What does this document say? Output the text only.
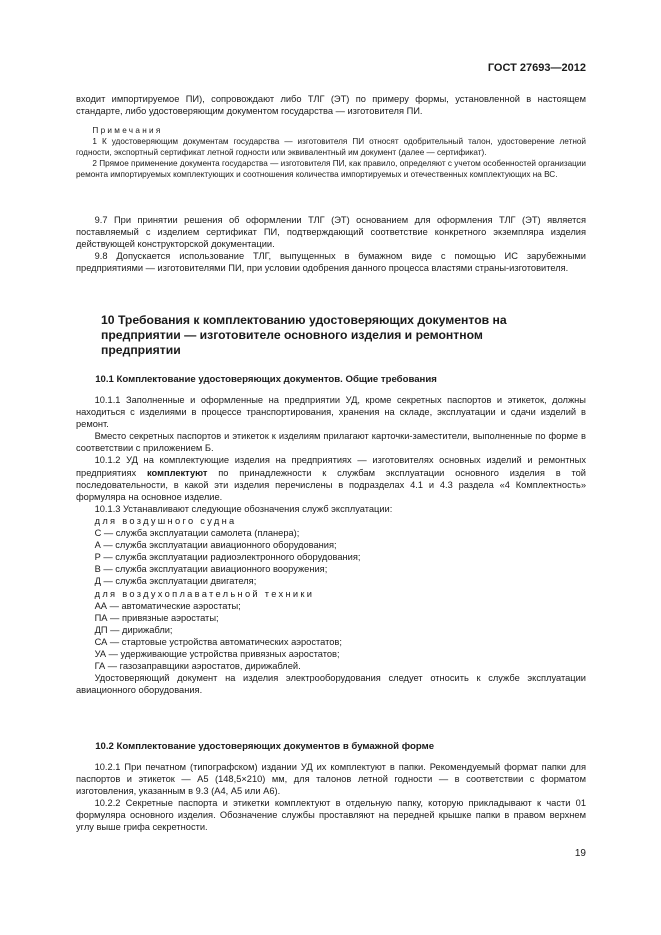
ГОСТ 27693—2012

входит импортируемое ПИ), сопровождают либо ТЛГ (ЭТ) по примеру формы, установленной в настоящем стандарте, либо удостоверяющим документом государства — изготовителя ПИ.

Примечания

1 К удостоверяющим документам государства — изготовителя ПИ относят одобрительный талон, удостоверение летной годности, экспортный сертификат летной годности или эквивалентный им документ (далее — сертификат).

2 Прямое применение документа государства — изготовителя ПИ, как правило, определяют с учетом особенностей организации ремонта импортируемых комплектующих и соотношения количества импортируемых и отечественных комплектующих на ВС.

9.7 При принятии решения об оформлении ТЛГ (ЭТ) основанием для оформления ТЛГ (ЭТ) является поставляемый с изделием сертификат ПИ, подтверждающий соответствие конкретного экземпляра изделия действующей конструкторской документации.

9.8 Допускается использование ТЛГ, выпущенных в бумажном виде с помощью ИС зарубежными предприятиями — изготовителями ПИ, при условии одобрения данного процесса властями страны-изготовителя.

10 Требования к комплектованию удостоверяющих документов на предприятии — изготовителе основного изделия и ремонтном предприятии

10.1 Комплектование удостоверяющих документов. Общие требования

10.1.1 Заполненные и оформленные на предприятии УД, кроме секретных паспортов и этикеток, должны находиться с изделиями в процессе транспортирования, хранения на складе, эксплуатации и сдачи изделий в ремонт.

Вместо секретных паспортов и этикеток к изделиям прилагают карточки-заместители, выполненные по форме в соответствии с приложением Б.

10.1.2 УД на комплектующие изделия на предприятиях — изготовителях основных изделий и ремонтных предприятиях комплектуют по принадлежности к службам эксплуатации основного изделия в той последовательности, в какой эти изделия перечислены в подразделах 4.1 и 4.3 раздела «4 Комплектность» формуляра на основное изделие.

10.1.3 Устанавливают следующие обозначения служб эксплуатации:

для воздушного судна

С — служба эксплуатации самолета (планера);

А — служба эксплуатации авиационного оборудования;

Р — служба эксплуатации радиоэлектронного оборудования;

В — служба эксплуатации авиационного вооружения;

Д — служба эксплуатации двигателя;

для воздухоплавательной техники

АА — автоматические аэростаты;

ПА — привязные аэростаты;

ДП — дирижабли;

СА — стартовые устройства автоматических аэростатов;

УА — удерживающие устройства привязных аэростатов;

ГА — газозаправщики аэростатов, дирижаблей.

Удостоверяющий документ на изделия электрооборудования следует относить к службе эксплуатации авиационного оборудования.

10.2 Комплектование удостоверяющих документов в бумажной форме

10.2.1 При печатном (типографском) издании УД их комплектуют в папки. Рекомендуемый формат папки для паспортов и этикеток — А5 (148,5×210) мм, для талонов летной годности — в соответствии с форматом изготовления, указанным в 9.3 (А4, А5 или А6).

10.2.2 Секретные паспорта и этикетки комплектуют в отдельную папку, которую прикладывают к части 01 формуляра основного изделия. Обозначение службы проставляют на передней крышке папки в правом верхнем углу выше грифа секретности.

19
